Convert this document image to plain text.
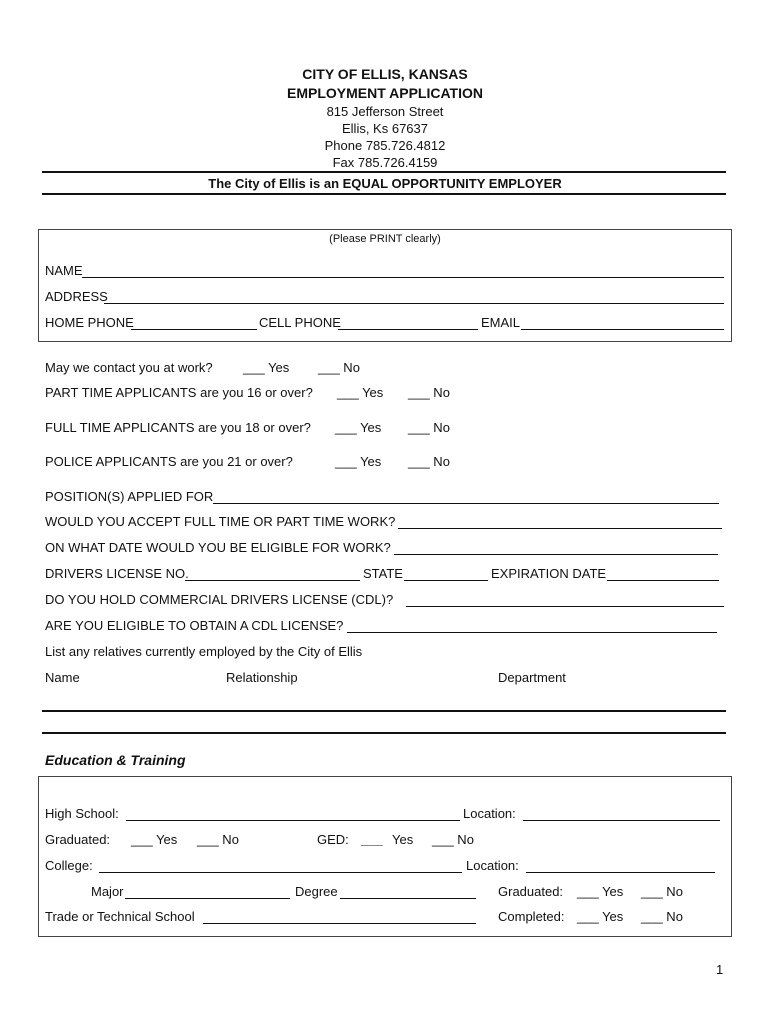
CITY OF ELLIS, KANSAS
EMPLOYMENT APPLICATION
815 Jefferson Street
Ellis, Ks 67637
Phone 785.726.4812
Fax 785.726.4159
The City of Ellis is an EQUAL OPPORTUNITY EMPLOYER
(Please PRINT clearly)
NAME
ADDRESS
HOME PHONE	CELL PHONE	EMAIL
May we contact you at work? ___ Yes ___ No
PART TIME APPLICANTS are you 16 or over? ___ Yes ___ No
FULL TIME APPLICANTS are you 18 or over? ___ Yes ___ No
POLICE APPLICANTS are you 21 or over?	___ Yes ___ No
POSITION(S) APPLIED FOR
WOULD YOU ACCEPT FULL TIME OR PART TIME WORK?
ON WHAT DATE WOULD YOU BE ELIGIBLE FOR WORK?
DRIVERS LICENSE NO.	STATE	EXPIRATION DATE
DO YOU HOLD COMMERCIAL DRIVERS LICENSE (CDL)?
ARE YOU ELIGIBLE TO OBTAIN A CDL LICENSE?
List any relatives currently employed by the City of Ellis
Name	Relationship	Department
Education & Training
High School:	Location:
Graduated: ___ Yes ___ No	GED: ___ Yes ___ No
College:	Location:
Major	Degree	Graduated: ___ Yes ___ No
Trade or Technical School	Completed: ___ Yes ___ No
1
